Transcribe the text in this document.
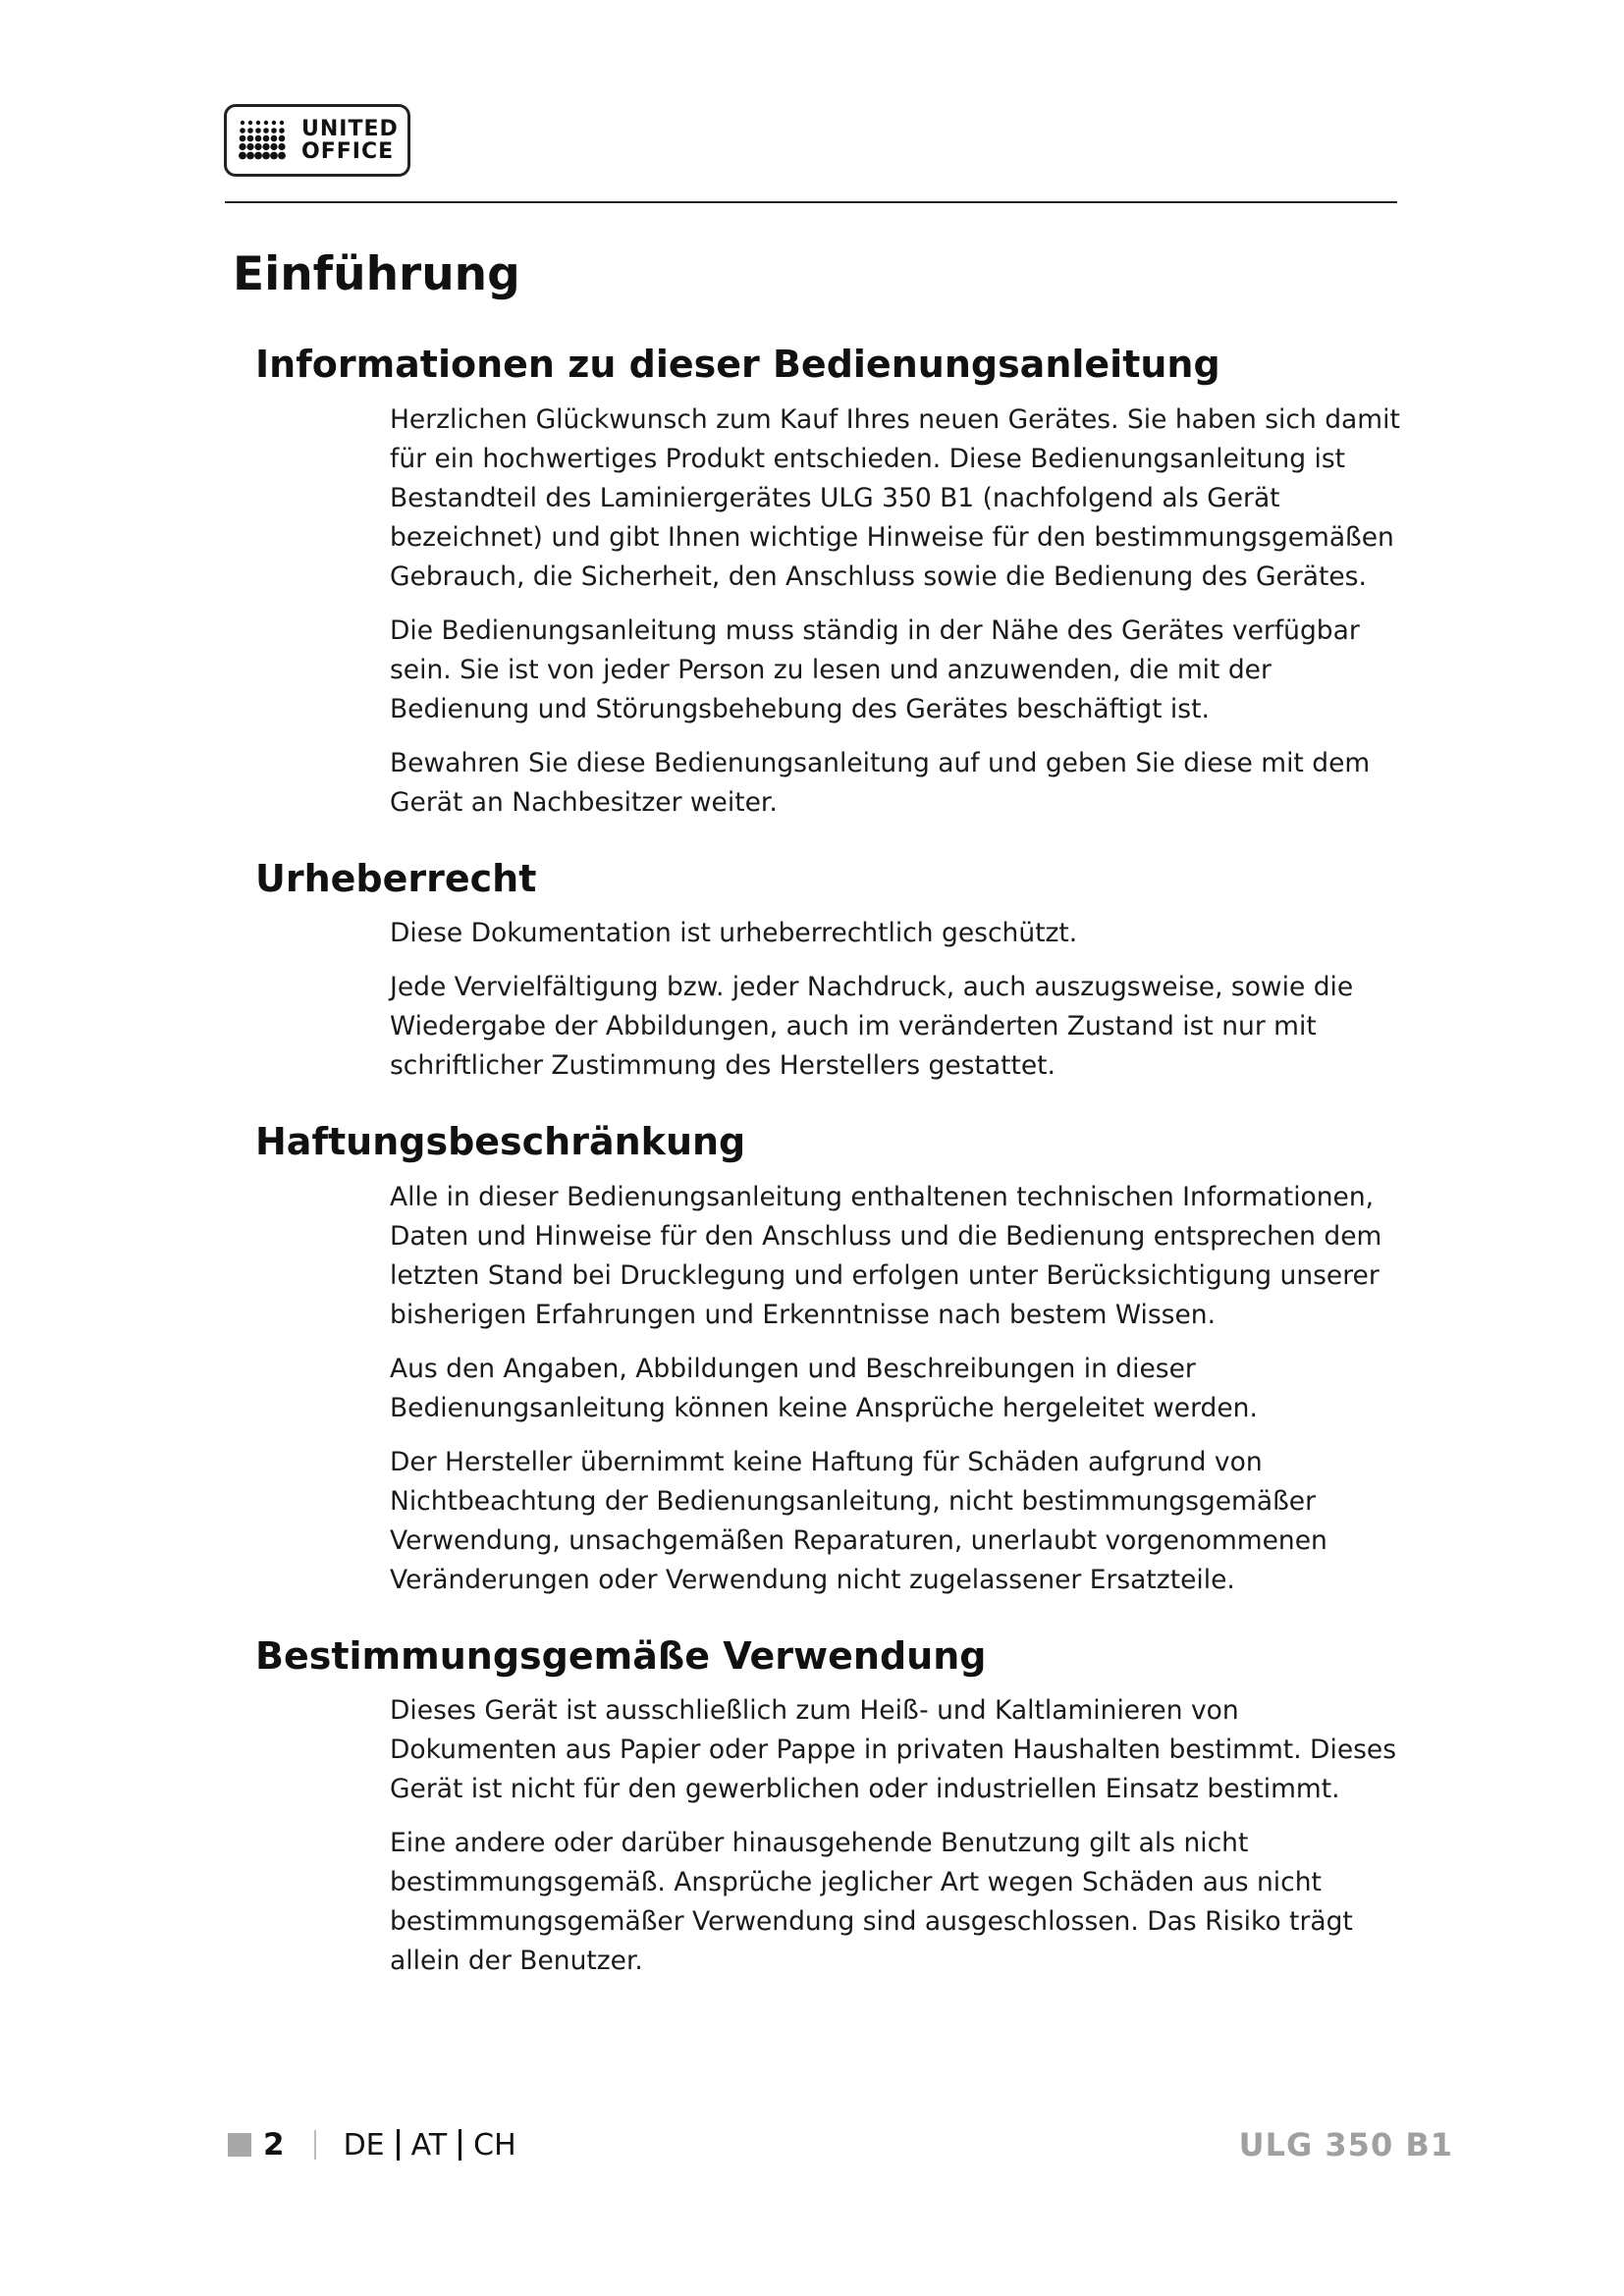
UNITED
OFFICE
Einführung
Informationen zu dieser Bedienungsanleitung

Herzlichen Glückwunsch zum Kauf Ihres neuen Gerätes. Sie haben sich damit für ein hochwertiges Produkt entschieden. Diese Bedienungsanleitung ist Bestandteil des Laminiergerätes ULG 350 B1 (nachfolgend als Gerät bezeichnet) und gibt Ihnen wichtige Hinweise für den bestimmungsgemäßen Gebrauch, die Sicherheit, den Anschluss sowie die Bedienung des Gerätes.

Die Bedienungsanleitung muss ständig in der Nähe des Gerätes verfügbar sein. Sie ist von jeder Person zu lesen und anzuwenden, die mit der Bedienung und Störungsbehebung des Gerätes beschäftigt ist.

Bewahren Sie diese Bedienungsanleitung auf und geben Sie diese mit dem Gerät an Nachbesitzer weiter.

Urheberrecht

Diese Dokumentation ist urheberrechtlich geschützt.

Jede Vervielfältigung bzw. jeder Nachdruck, auch auszugsweise, sowie die Wiedergabe der Abbildungen, auch im veränderten Zustand ist nur mit schriftlicher Zustimmung des Herstellers gestattet.

Haftungsbeschränkung

Alle in dieser Bedienungsanleitung enthaltenen technischen Informationen, Daten und Hinweise für den Anschluss und die Bedienung entsprechen dem letzten Stand bei Drucklegung und erfolgen unter Berücksichtigung unserer bisherigen Erfahrungen und Erkenntnisse nach bestem Wissen.

Aus den Angaben, Abbildungen und Beschreibungen in dieser Bedienungsanleitung können keine Ansprüche hergeleitet werden.

Der Hersteller übernimmt keine Haftung für Schäden aufgrund von Nichtbeachtung der Bedienungsanleitung, nicht bestimmungsgemäßer Verwendung, unsachgemäßen Reparaturen, unerlaubt vorgenommenen Veränderungen oder Verwendung nicht zugelassener Ersatzteile.

Bestimmungsgemäße Verwendung

Dieses Gerät ist ausschließlich zum Heiß- und Kaltlaminieren von Dokumenten aus Papier oder Pappe in privaten Haushalten bestimmt. Dieses Gerät ist nicht für den gewerblichen oder industriellen Einsatz bestimmt.

Eine andere oder darüber hinausgehende Benutzung gilt als nicht bestimmungsgemäß. Ansprüche jeglicher Art wegen Schäden aus nicht bestimmungsgemäßer Verwendung sind ausgeschlossen. Das Risiko trägt allein der Benutzer.

2 DE AT CH	ULG 350 B1
